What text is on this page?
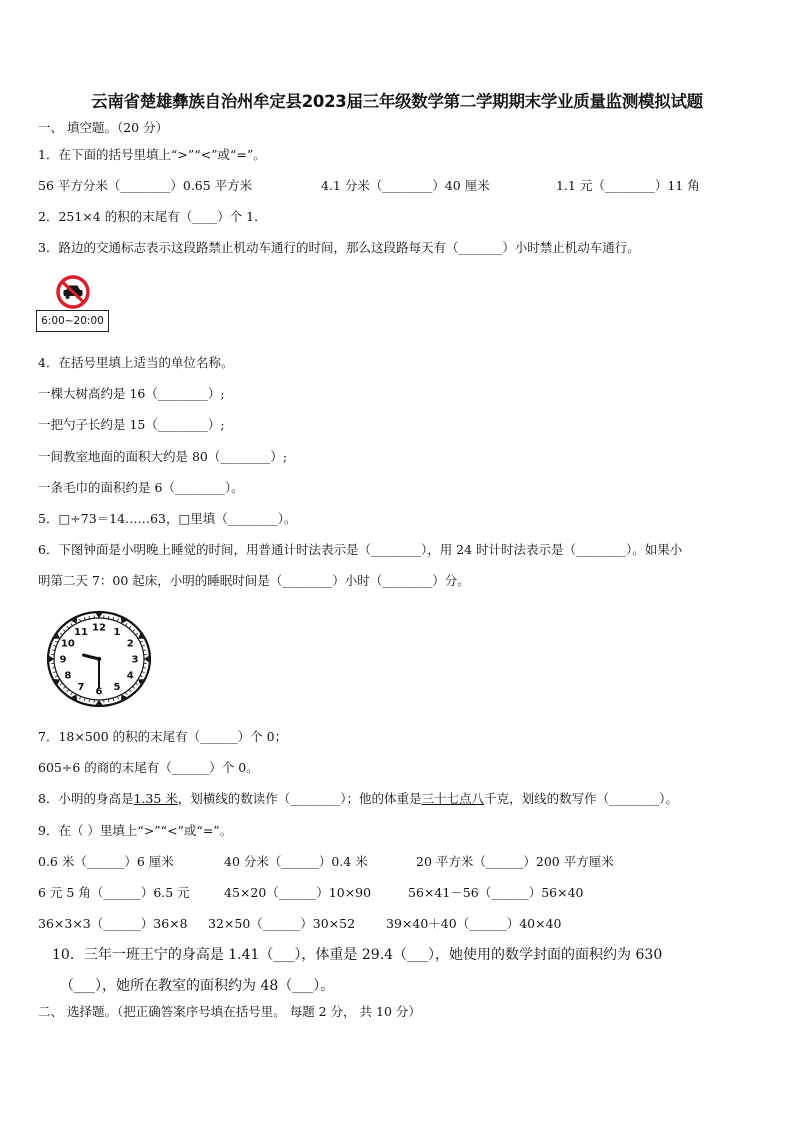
云南省楚雄彝族自治州牟定县2023届三年级数学第二学期期末学业质量监测模拟试题
一、 填空题。（20 分）
1．在下面的括号里填上“>”“<”或“=”。
56 平方分米（________）0.65 平方米	4.1 分米（________）40 厘米	1.1 元（________）11 角
2．251×4 的积的末尾有（____）个 1．
3．路边的交通标志表示这段路禁止机动车通行的时间，那么这段路每天有（_______）小时禁止机动车通行。
6:00~20:00
4．在括号里填上适当的单位名称。
一棵大树高约是 16（________）;
一把勺子长约是 15（________）;
一间教室地面的面积大约是 80（________）;
一条毛巾的面积约是 6（________）。
5．□÷73＝14……63，□里填（________）。
6．下图钟面是小明晚上睡觉的时间，用普通计时法表示是（________），用 24 时计时法表示是（________）。如果小
明第二天 7：00 起床，小明的睡眠时间是（________）小时（________）分。
12 1
2
3
4
5
6
7
8
9
10
11
7．18×500 的积的末尾有（______）个 0；
605÷6 的商的末尾有（______）个 0。
8．小明的身高是1.35 米，划横线的数读作（________）；他的体重是三十七点八千克，划线的数写作（________）。
9．在（ ）里填上“>”“<”或“=”。
0.6 米（______）6 厘米	40 分米（______）0.4 米	20 平方米（______）200 平方厘米
6 元 5 角（______）6.5 元	45×20（______）10×90	56×41－56（______）56×40
36×3×3（______）36×8 32×50（______）30×52 39×40＋40（______）40×40
10．三年一班王宁的身高是 1.41（___），体重是 29.4（___），她使用的数学封面的面积约为 630
（___），她所在教室的面积约为 48（___）。
二、 选择题。（把正确答案序号填在括号里。 每题 2 分， 共 10 分）
